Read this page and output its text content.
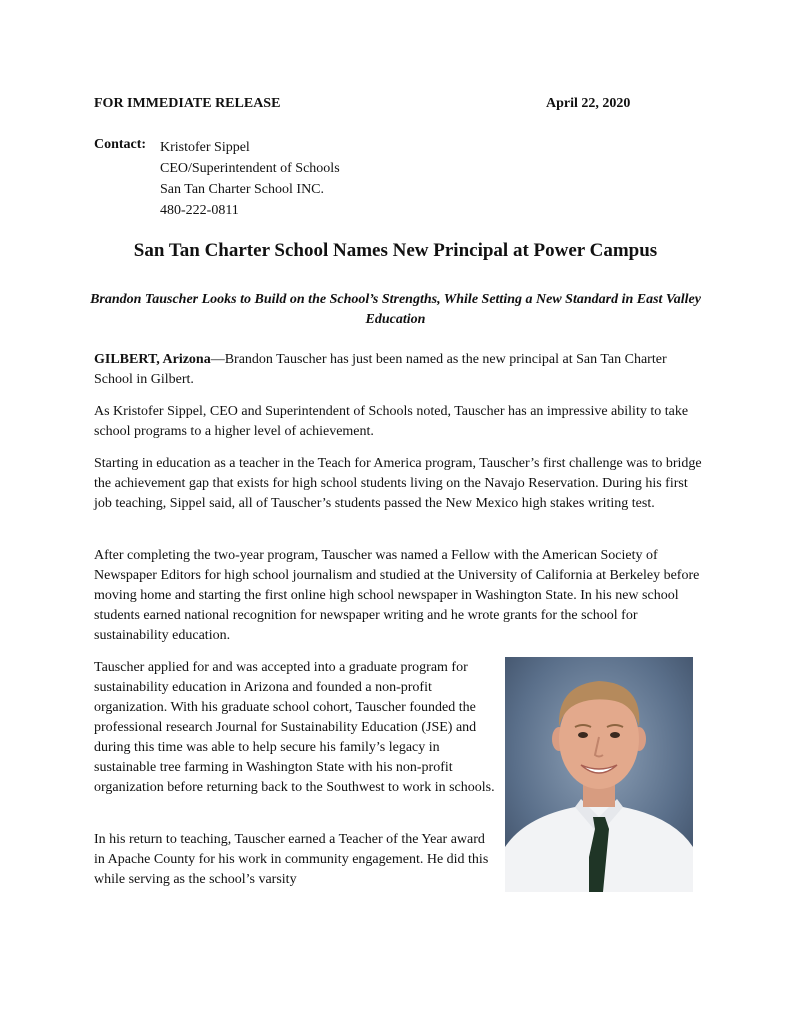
FOR IMMEDIATE RELEASE	April 22, 2020
Contact: Kristofer Sippel
CEO/Superintendent of Schools
San Tan Charter School INC.
480-222-0811
San Tan Charter School Names New Principal at Power Campus
Brandon Tauscher Looks to Build on the School’s Strengths, While Setting a New Standard in East Valley Education
GILBERT, Arizona—Brandon Tauscher has just been named as the new principal at San Tan Charter School in Gilbert.
As Kristofer Sippel, CEO and Superintendent of Schools noted, Tauscher has an impressive ability to take school programs to a higher level of achievement.
Starting in education as a teacher in the Teach for America program, Tauscher’s first challenge was to bridge the achievement gap that exists for high school students living on the Navajo Reservation. During his first job teaching, Sippel said, all of Tauscher’s students passed the New Mexico high stakes writing test.
After completing the two-year program, Tauscher was named a Fellow with the American Society of Newspaper Editors for high school journalism and studied at the University of California at Berkeley before moving home and starting the first online high school newspaper in Washington State. In his new school students earned national recognition for newspaper writing and he wrote grants for the school for sustainability education.
Tauscher applied for and was accepted into a graduate program for sustainability education in Arizona and founded a non-profit organization. With his graduate school cohort, Tauscher founded the professional research Journal for Sustainability Education (JSE) and during this time was able to help secure his family’s legacy in sustainable tree farming in Washington State with his non-profit organization before returning back to the Southwest to work in schools.
In his return to teaching, Tauscher earned a Teacher of the Year award in Apache County for his work in community engagement. He did this while serving as the school’s varsity
